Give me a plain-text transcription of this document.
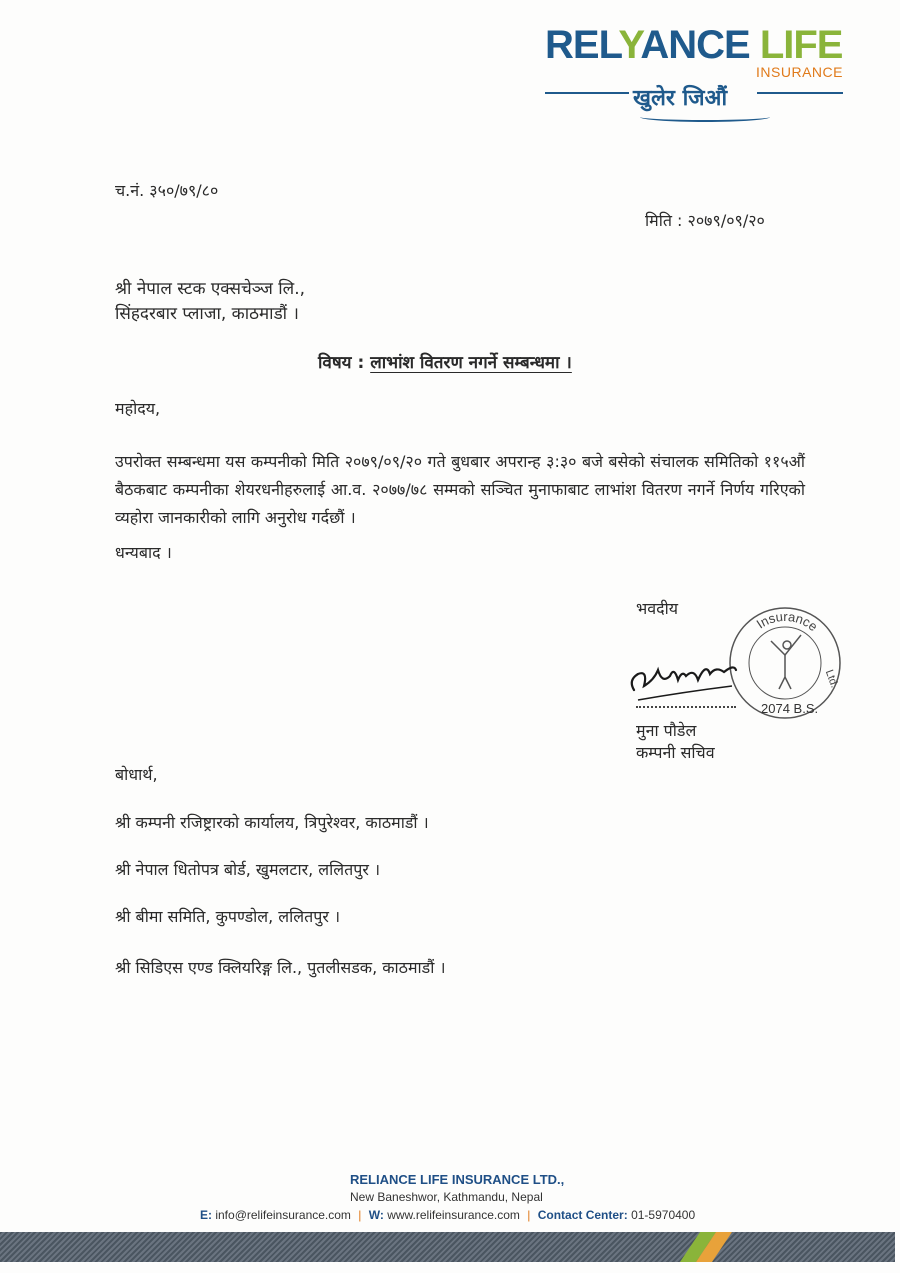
RELYANCE LIFE
INSURANCE
खुलेर जिऔं
च.नं. ३५०/७९/८०
मिति : २०७९/०९/२०
श्री नेपाल स्टक एक्सचेञ्ज लि.,
सिंहदरबार प्लाजा, काठमाडौं ।
विषय : लाभांश वितरण नगर्ने सम्बन्धमा ।
महोदय,
उपरोक्त सम्बन्धमा यस कम्पनीको मिति २०७९/०९/२० गते बुधबार अपरान्ह ३:३० बजे बसेको संचालक समितिको ११५औं बैठकबाट कम्पनीका शेयरधनीहरुलाई आ.व. २०७७/७८ सम्मको सञ्चित मुनाफाबाट लाभांश वितरण नगर्ने निर्णय गरिएको व्यहोरा जानकारीको लागि अनुरोध गर्दछौं ।
धन्यबाद ।
भवदीय
Insurance
Ltd.
2074 B.S.
मुना पौडेल
कम्पनी सचिव
बोधार्थ,
श्री कम्पनी रजिष्ट्रारको कार्यालय, त्रिपुरेश्वर, काठमाडौं ।
श्री नेपाल धितोपत्र बोर्ड, खुमलटार, ललितपुर ।
श्री बीमा समिति, कुपण्डोल, ललितपुर ।
श्री सिडिएस एण्ड क्लियरिङ्ग लि., पुतलीसडक, काठमाडौं ।
RELIANCE LIFE INSURANCE LTD.,
New Baneshwor, Kathmandu, Nepal
E: info@relifeinsurance.com | W: www.relifeinsurance.com | Contact Center: 01-5970400
